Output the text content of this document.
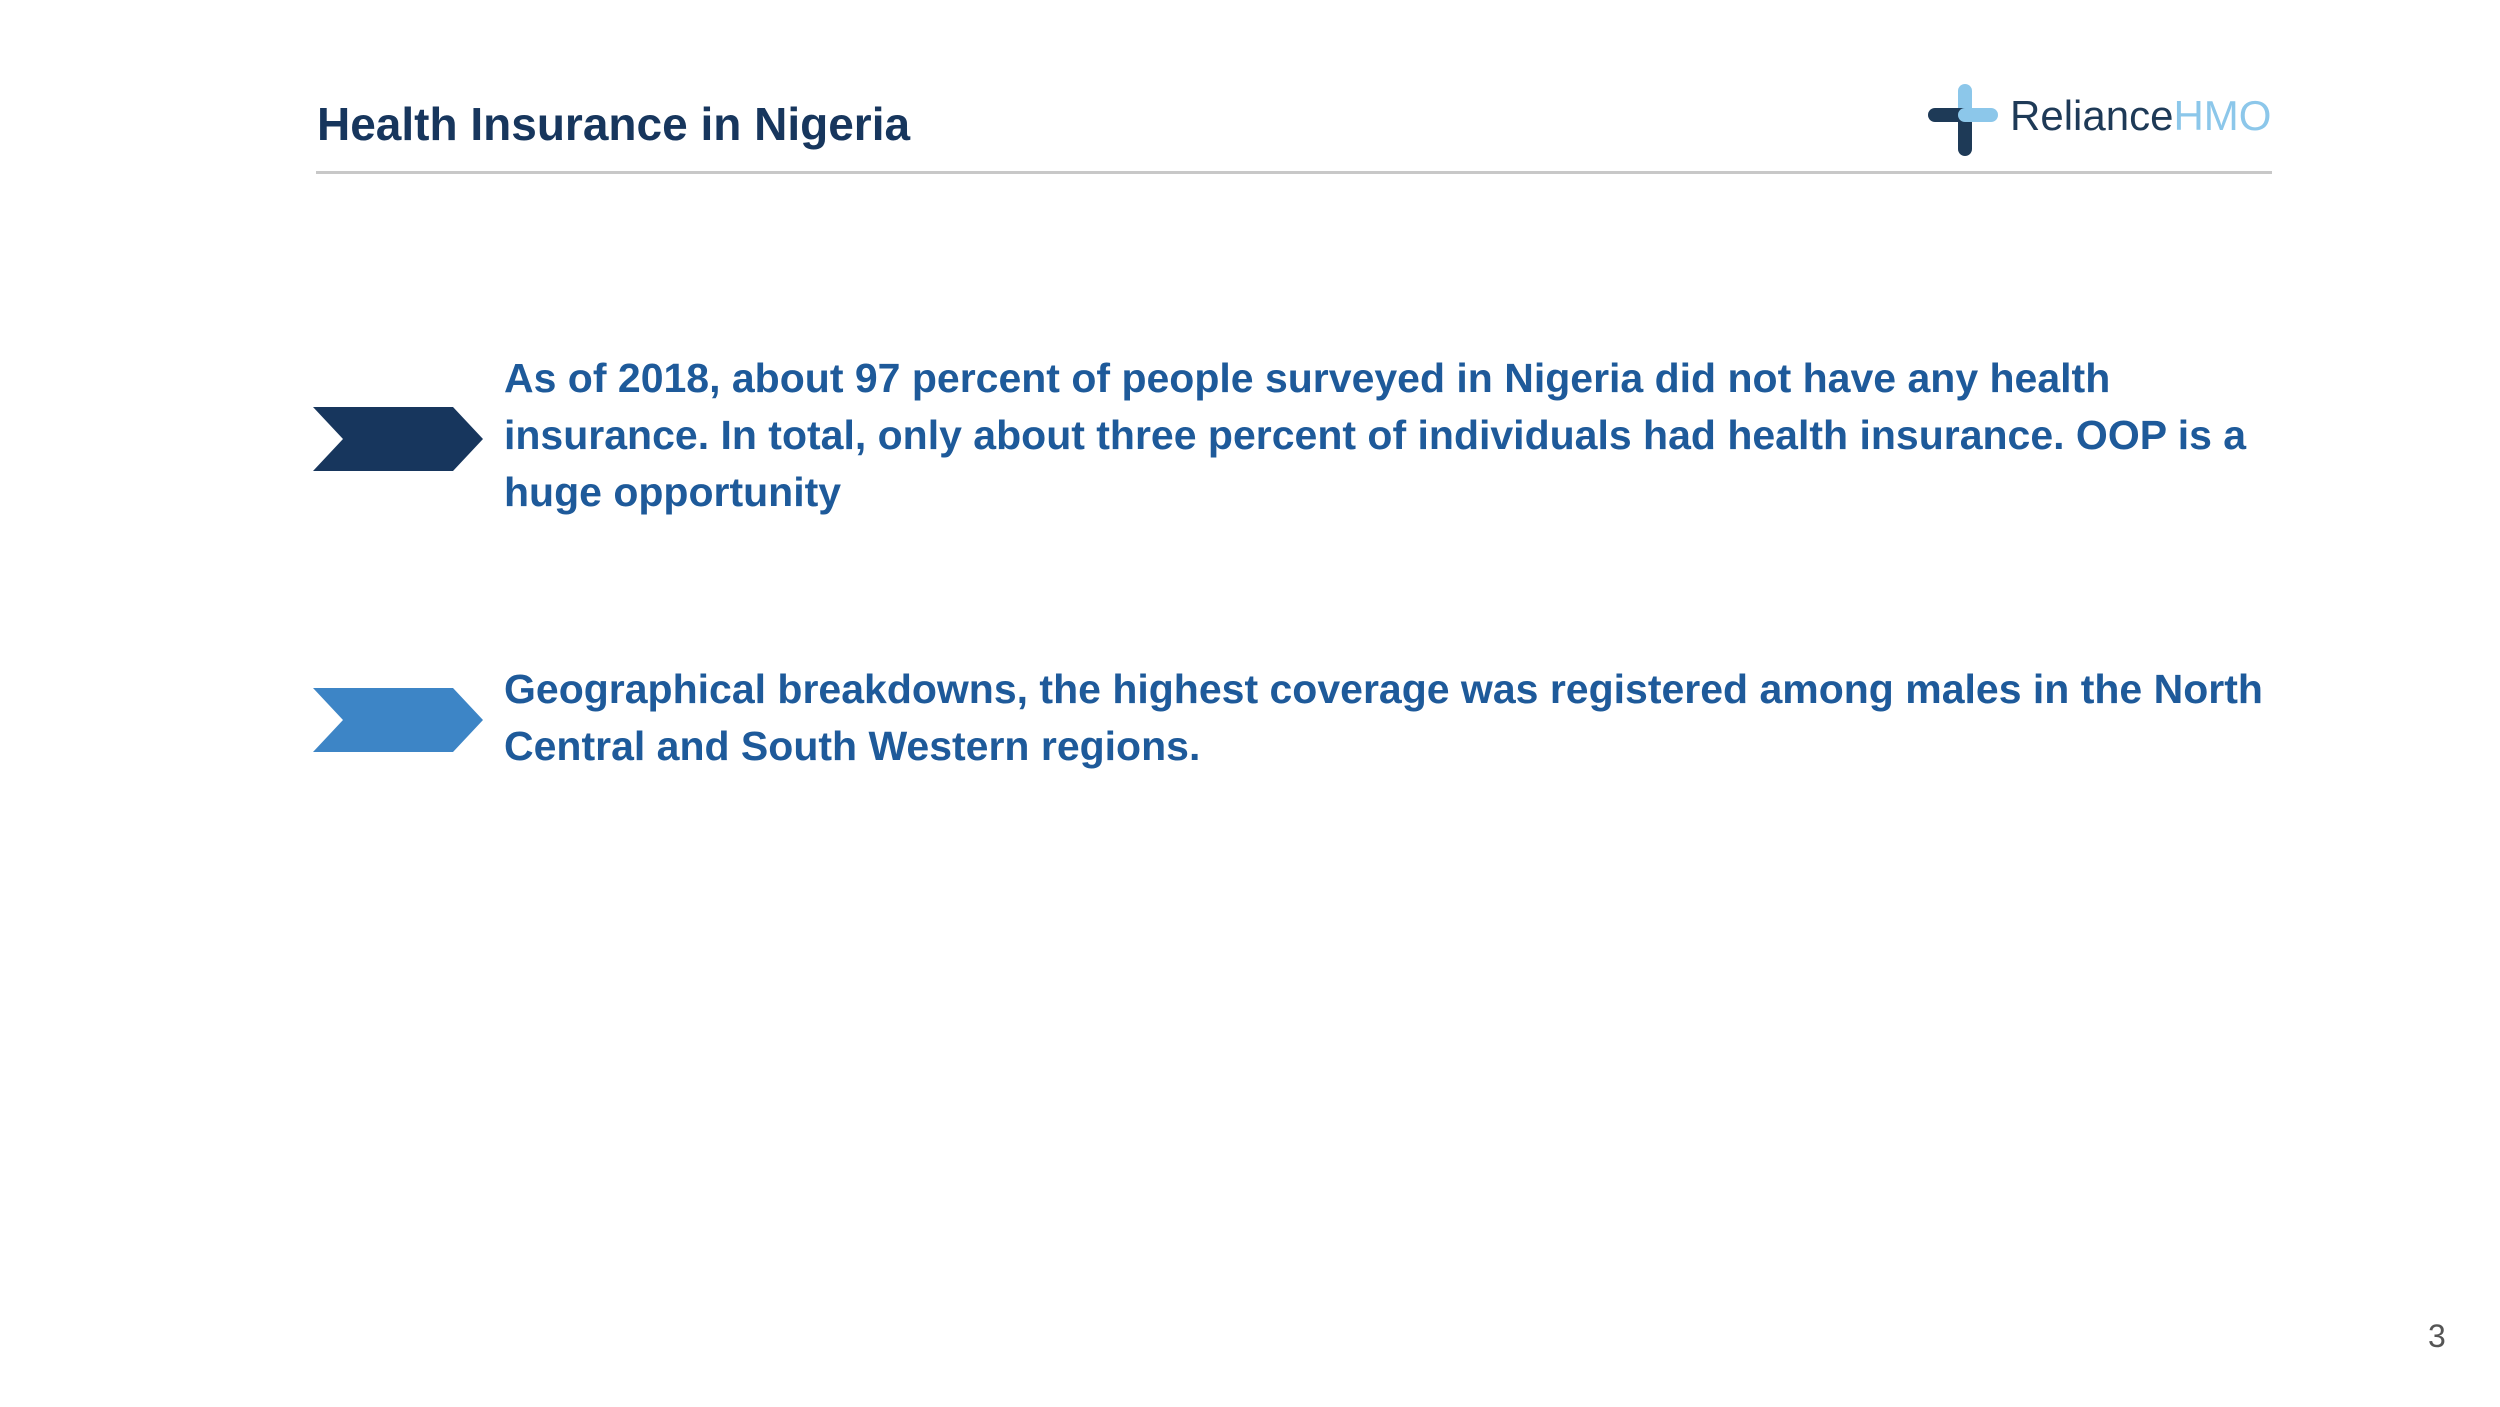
Health Insurance in Nigeria	RelianceHMO
As of 2018, about 97 percent of people surveyed in Nigeria did not have any health insurance. In total, only about three percent of individuals had health insurance. OOP is a huge opportunity
Geographical breakdowns, the highest coverage was registered among males in the North Central and South Western regions.
3
